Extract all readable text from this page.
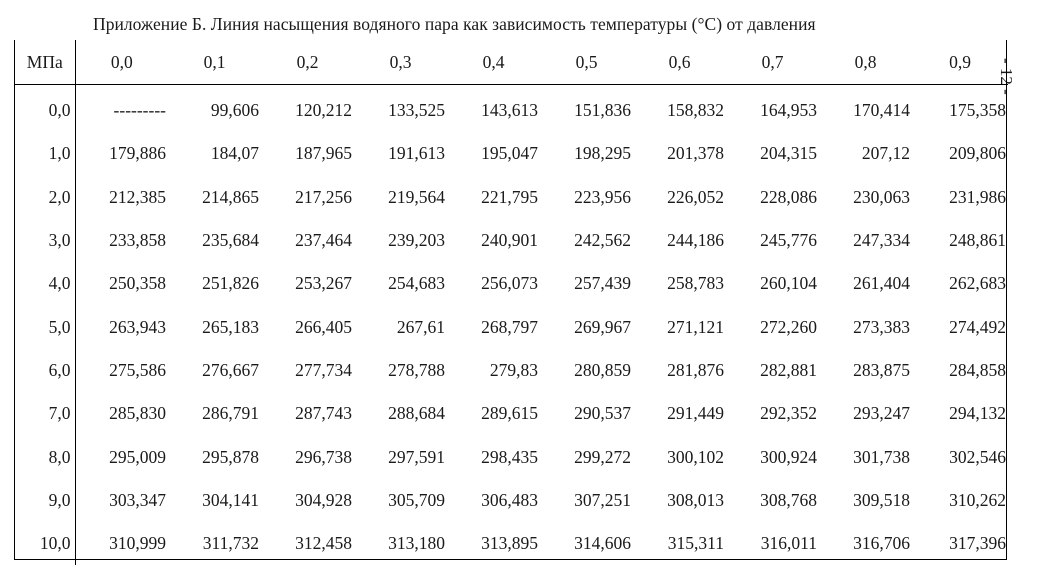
Приложение Б. Линия насыщения водяного пара как зависимость температуры (°С) от давления
- 12 -
МПа	0,0	0,1	0,2	0,3	0,4	0,5	0,6	0,7	0,8	0,9
0,0	---------	99,606	120,212	133,525	143,613	151,836	158,832	164,953	170,414	175,358
1,0	179,886	184,07	187,965	191,613	195,047	198,295	201,378	204,315	207,12	209,806
2,0	212,385	214,865	217,256	219,564	221,795	223,956	226,052	228,086	230,063	231,986
3,0	233,858	235,684	237,464	239,203	240,901	242,562	244,186	245,776	247,334	248,861
4,0	250,358	251,826	253,267	254,683	256,073	257,439	258,783	260,104	261,404	262,683
5,0	263,943	265,183	266,405	267,61	268,797	269,967	271,121	272,260	273,383	274,492
6,0	275,586	276,667	277,734	278,788	279,83	280,859	281,876	282,881	283,875	284,858
7,0	285,830	286,791	287,743	288,684	289,615	290,537	291,449	292,352	293,247	294,132
8,0	295,009	295,878	296,738	297,591	298,435	299,272	300,102	300,924	301,738	302,546
9,0	303,347	304,141	304,928	305,709	306,483	307,251	308,013	308,768	309,518	310,262
10,0	310,999	311,732	312,458	313,180	313,895	314,606	315,311	316,011	316,706	317,396
